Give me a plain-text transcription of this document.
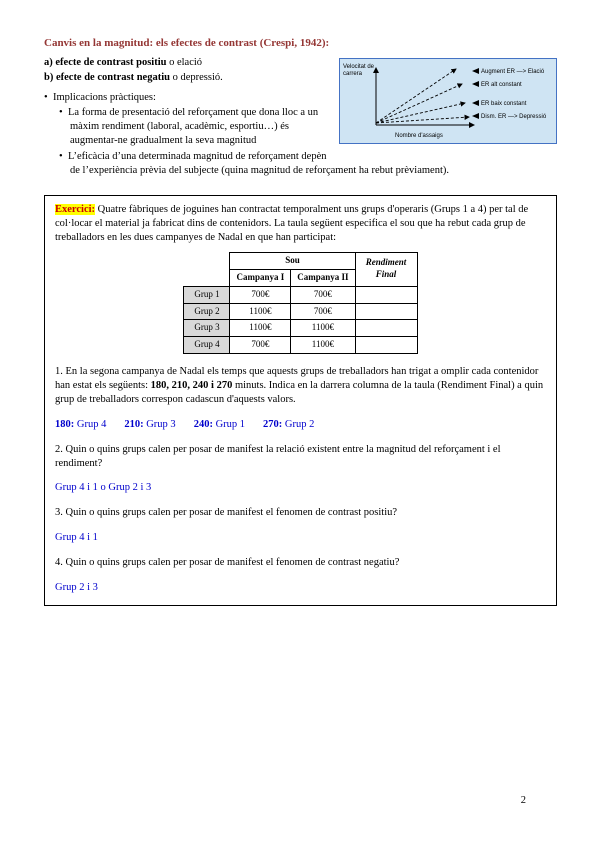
Canvis en la magnitud: els efectes de contrast (Crespi, 1942):

Velocitat de
carrera	Augment ER —> Elació
ER alt constant
ER baix constant
Dism. ER —> Depressió
Nombre d'assaigs

a) efecte de contrast positiu o elació

b) efecte de contrast negatiu o depressió.

• Implicacions pràctiques:

• La forma de presentació del reforçament que dona lloc a un màxim rendiment (laboral, acadèmic, esportiu…) és augmentar-ne gradualment la seva magnitud

• L’eficàcia d’una determinada magnitud de reforçament depèn de l’experiència prèvia del subjecte (quina magnitud de reforçament ha rebut prèviament).

Exercici: Quatre fàbriques de joguines han contractat temporalment uns grups d'operaris (Grups 1 a 4) per tal de col·locar el material ja fabricat dins de contenidors. La taula següent especifica el sou que ha rebut cada grup de treballadors en les dues campanyes de Nadal en que han participat:

	Sou		Rendiment Final
	Campanya I	Campanya II	
Grup 1	700€	700€	
Grup 2	1100€	700€	
Grup 3	1100€	1100€	
Grup 4	700€	1100€	

1. En la segona campanya de Nadal els temps que aquests grups de treballadors han trigat a omplir cada contenidor han estat els següents: 180, 210, 240 i 270 minuts. Indica en la darrera columna de la taula (Rendiment Final) a quin grup de treballadors correspon cadascun d'aquests valors.

180: Grup 4 210: Grup 3 240: Grup 1 270: Grup 2

2. Quin o quins grups calen per posar de manifest la relació existent entre la magnitud del reforçament i el rendiment?

Grup 4 i 1 o Grup 2 i 3

3. Quin o quins grups calen per posar de manifest el fenomen de contrast positiu?

Grup 4 i 1

4. Quin o quins grups calen per posar de manifest el fenomen de contrast negatiu?

Grup 2 i 3

2
